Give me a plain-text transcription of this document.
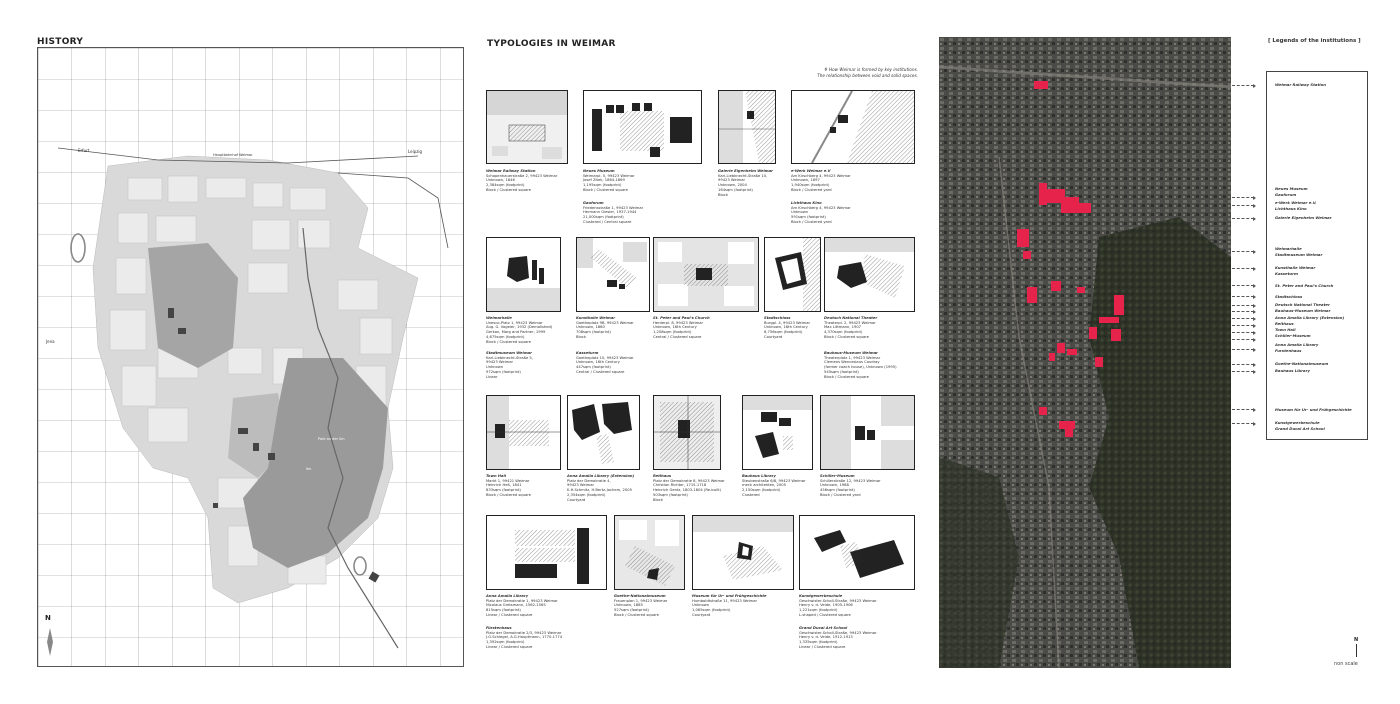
HISTORY
Erfurt
Jena
Leipzig
Hauptbahnhof Weimar
Park an der Ilm
Ilm
N
TYPOLOGIES IN WEIMAR
# How Weimar is formed by key institutions.
The relationship between void and solid spaces.
Weimar Railway Station
Schopenhauerstraße 2, 99423 Weimar
Unknown, 1846
2,384sqm (footprint)
Block / Clustered square
Neues Museum
Weimarpl. 5, 99423 Weimar
Josef Zitek, 1864-1869
1,195sqm (footprint)
Block / Clustered square
Gauforum
Friedensstraße 1, 99423 Weimar
Hermann Giesler, 1937-1944
21,000sqm (footprint)
Clustered / Central square
Galerie Eigenheim Weimar
Karl-Liebknecht-Straße 10,
99423 Weimar
Unknown, 2004
164sqm (footprint)
Block
e-Werk Weimar e.V
Am Kirschberg 4, 99423 Weimar
Unknown, 1897
1,940sqm (footprint)
Block / Clustered yard
Lichthaus Kino
Am Kirschberg 4, 99423 Weimar
Unknown
591sqm (footprint)
Block / Clustered yard
Weimarhalle
Unesco-Platz 1, 99423 Weimar
Aug. G. Vogeler, 1932 (Demolished)
Gerkan, Marg and Partner, 1999
4,675sqm (footprint)
Block / Clustered square
Stadtmuseum Weimar
Karl-Liebknecht-Straße 5,
99423 Weimar
Unknown
972sqm (footprint)
Linear
Kunsthalle Weimar
Goetheplatz 9B, 99423 Weimar
Unknown, 1880
708sqm (footprint)
Block
Kasseturm
Goetheplatz 10, 99423 Weimar
Unknown, 16th Century
447sqm (footprint)
Central / Clustered square
St. Peter and Paul's Church
Herderpl. 8, 99423 Weimar
Unknown, 16th Century
1,208sqm (footprint)
Central / Clustered square
Stadtschloss
Burgpl. 4, 99423 Weimar
Unknown, 16th Century
6,756sqm (footprint)
Courtyard
Deutsch National Theater
Theaterpl. 2, 99423 Weimar
Max Littmann, 1907
4,370sqm (footprint)
Block / Clustered square
Bauhaus-Museum Weimar
Theaterplatz 1, 99423 Weimar
Clemens Wenceslaus Coudray
(former coach house), Unknown (1995)
545sqm (footprint)
Block / Clustered square
Town Hall
Markt 1, 99421 Weimar
Heinrich Heß, 1841
833sqm (footprint)
Block / Clustered square
Anna Amalia Library (Extension)
Platz der Demokratie 4,
99423 Weimar
K.H.Schmitz, H.Bertz-Jochem, 2005
2,354sqm (footprint)
Courtyard
Reithaus
Platz der Demokratie 8, 99423 Weimar
Christian Richter, 1715-1718
Heinrich Gentz, 1803-1804 (Re-built)
503sqm (footprint)
Block
Bauhaus Library
Steubenstraße 6/8, 99423 Weimar
meck architekten, 2005
2,150sqm (footprint)
Clustered
Schiller-Museum
Schillerstraße 12, 99423 Weimar
Unknown, 1988
456sqm (footprint)
Block / Clustered yard
Anna Amalia Library
Platz der Demokratie 1, 99423 Weimar
Nicolaus Gretsmann, 1562-1565
815sqm (footprint)
Linear / Clustered square
Fürstenhaus
Platz der Demokratie 2/3, 99423 Weimar
J.G.Schlegel, A.G.Hauptmann, 1770-1774
1,392sqm (footprint)
Linear / Clustered square
Goethe-Nationalmuseum
Frauenplan 1, 99423 Weimar
Unknown, 1885
527sqm (footprint)
Block / Clustered square
Museum für Ur- und Frühgeschichte
Humboldtstraße 11, 99423 Weimar
Unknown
1,065sqm (footprint)
Courtyard
Kunstgewerbeschule
Geschwister-Scholl-Straße, 99423 Weimar
Henry v. d. Velde, 1905-1906
1,221sqm (footprint)
L-shaped / Clustered square
Grand Ducal Art School
Geschwister-Scholl-Straße, 99423 Weimar
Henry v. d. Velde, 1912-1913
1,335sqm (footprint)
Linear / Clustered square
[ Legends of the institutions ]
Weimar Railway Station
Neues Museum
Gauforum
e-Werk Weimar e.V.
Lichthaus Kino
Galerie Eigenheim Weimar
Weimarhalle
Stadtmuseum Weimar
Kunsthalle Weimar
Kasseturm
St. Peter and Paul's Church
Stadtschloss
Deutsch National Theater
Bauhaus-Museum Weimar
Anna Amalia Library (Extension)
Reithaus
Town Hall
Schiller-Museum
Anna Amalia Library
Furstenhaus
Goethe-Nationalmuseum
Bauhaus Library
Museum für Ur- und Frühgeschichte
Kunstgewerbeschule
Grand Ducal Art School
N
non scale
